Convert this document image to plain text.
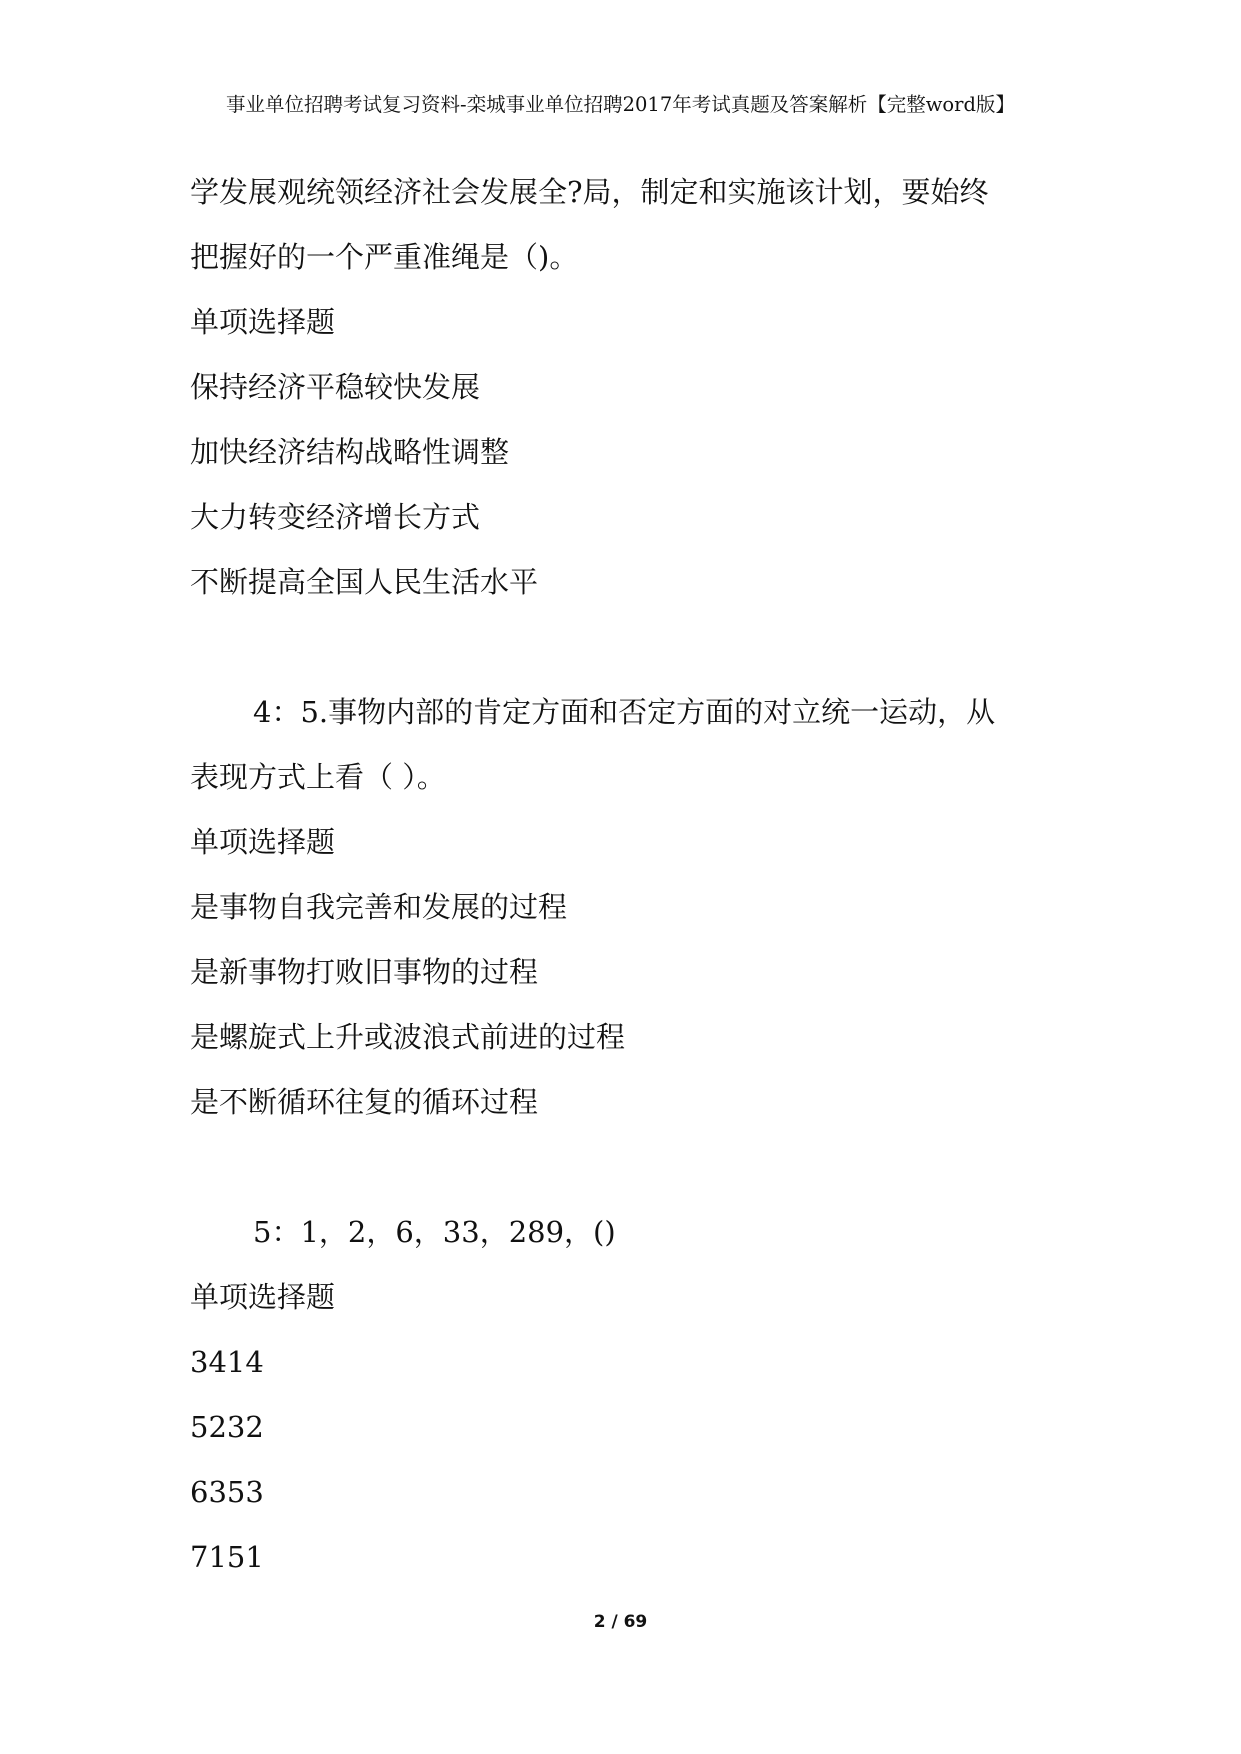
事业单位招聘考试复习资料-栾城事业单位招聘2017年考试真题及答案解析【完整word版】
学发展观统领经济社会发展全?局，制定和实施该计划，要始终
把握好的一个严重准绳是（)。
单项选择题
保持经济平稳较快发展
加快经济结构战略性调整
大力转变经济增长方式
不断提高全国人民生活水平
4：5.事物内部的肯定方面和否定方面的对立统一运动，从
表现方式上看（ ）。
单项选择题
是事物自我完善和发展的过程
是新事物打败旧事物的过程
是螺旋式上升或波浪式前进的过程
是不断循环往复的循环过程
5：1，2，6，33，289，()
单项选择题
3414
5232
6353
7151
2 / 69
